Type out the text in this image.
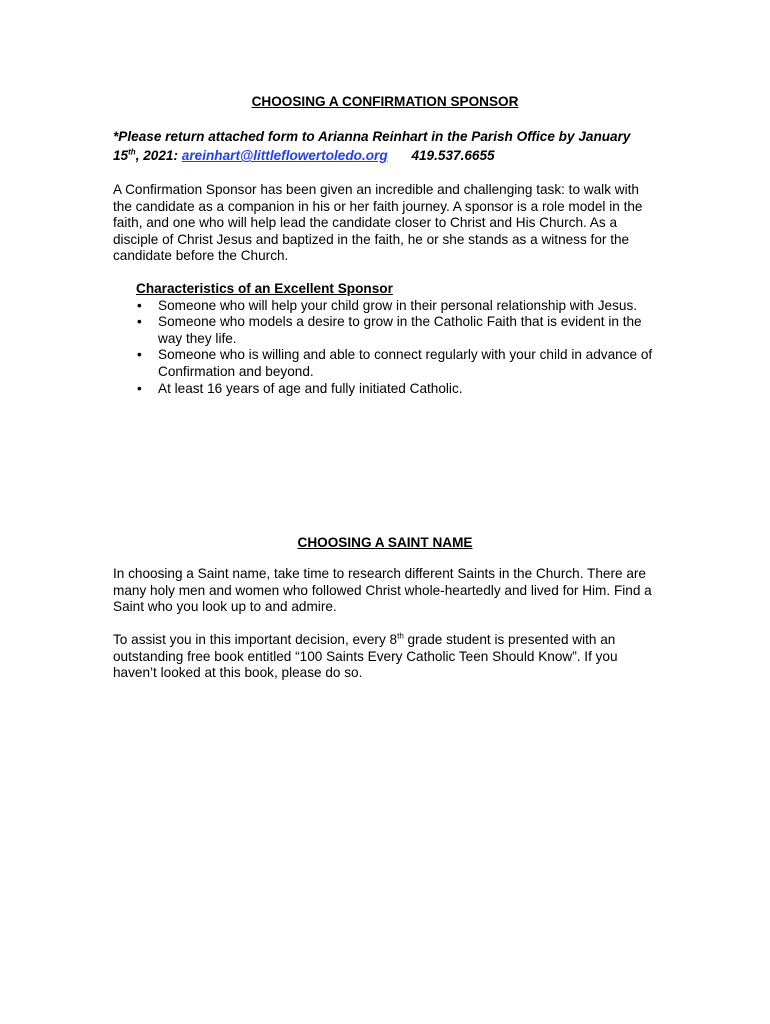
CHOOSING A CONFIRMATION SPONSOR
*Please return attached form to Arianna Reinhart in the Parish Office by January
15th, 2021: areinhart@littleflowertoledo.org 419.537.6655

A Confirmation Sponsor has been given an incredible and challenging task: to walk with the candidate as a companion in his or her faith journey. A sponsor is a role model in the faith, and one who will help lead the candidate closer to Christ and His Church. As a disciple of Christ Jesus and baptized in the faith, he or she stands as a witness for the candidate before the Church.

Characteristics of an Excellent Sponsor

• Someone who will help your child grow in their personal relationship with Jesus.
• Someone who models a desire to grow in the Catholic Faith that is evident in the way they life.
• Someone who is willing and able to connect regularly with your child in advance of Confirmation and beyond.
• At least 16 years of age and fully initiated Catholic.
CHOOSING A SAINT NAME

In choosing a Saint name, take time to research different Saints in the Church. There are many holy men and women who followed Christ whole-heartedly and lived for Him. Find a Saint who you look up to and admire.

To assist you in this important decision, every 8th grade student is presented with an outstanding free book entitled “100 Saints Every Catholic Teen Should Know”. If you haven’t looked at this book, please do so.
